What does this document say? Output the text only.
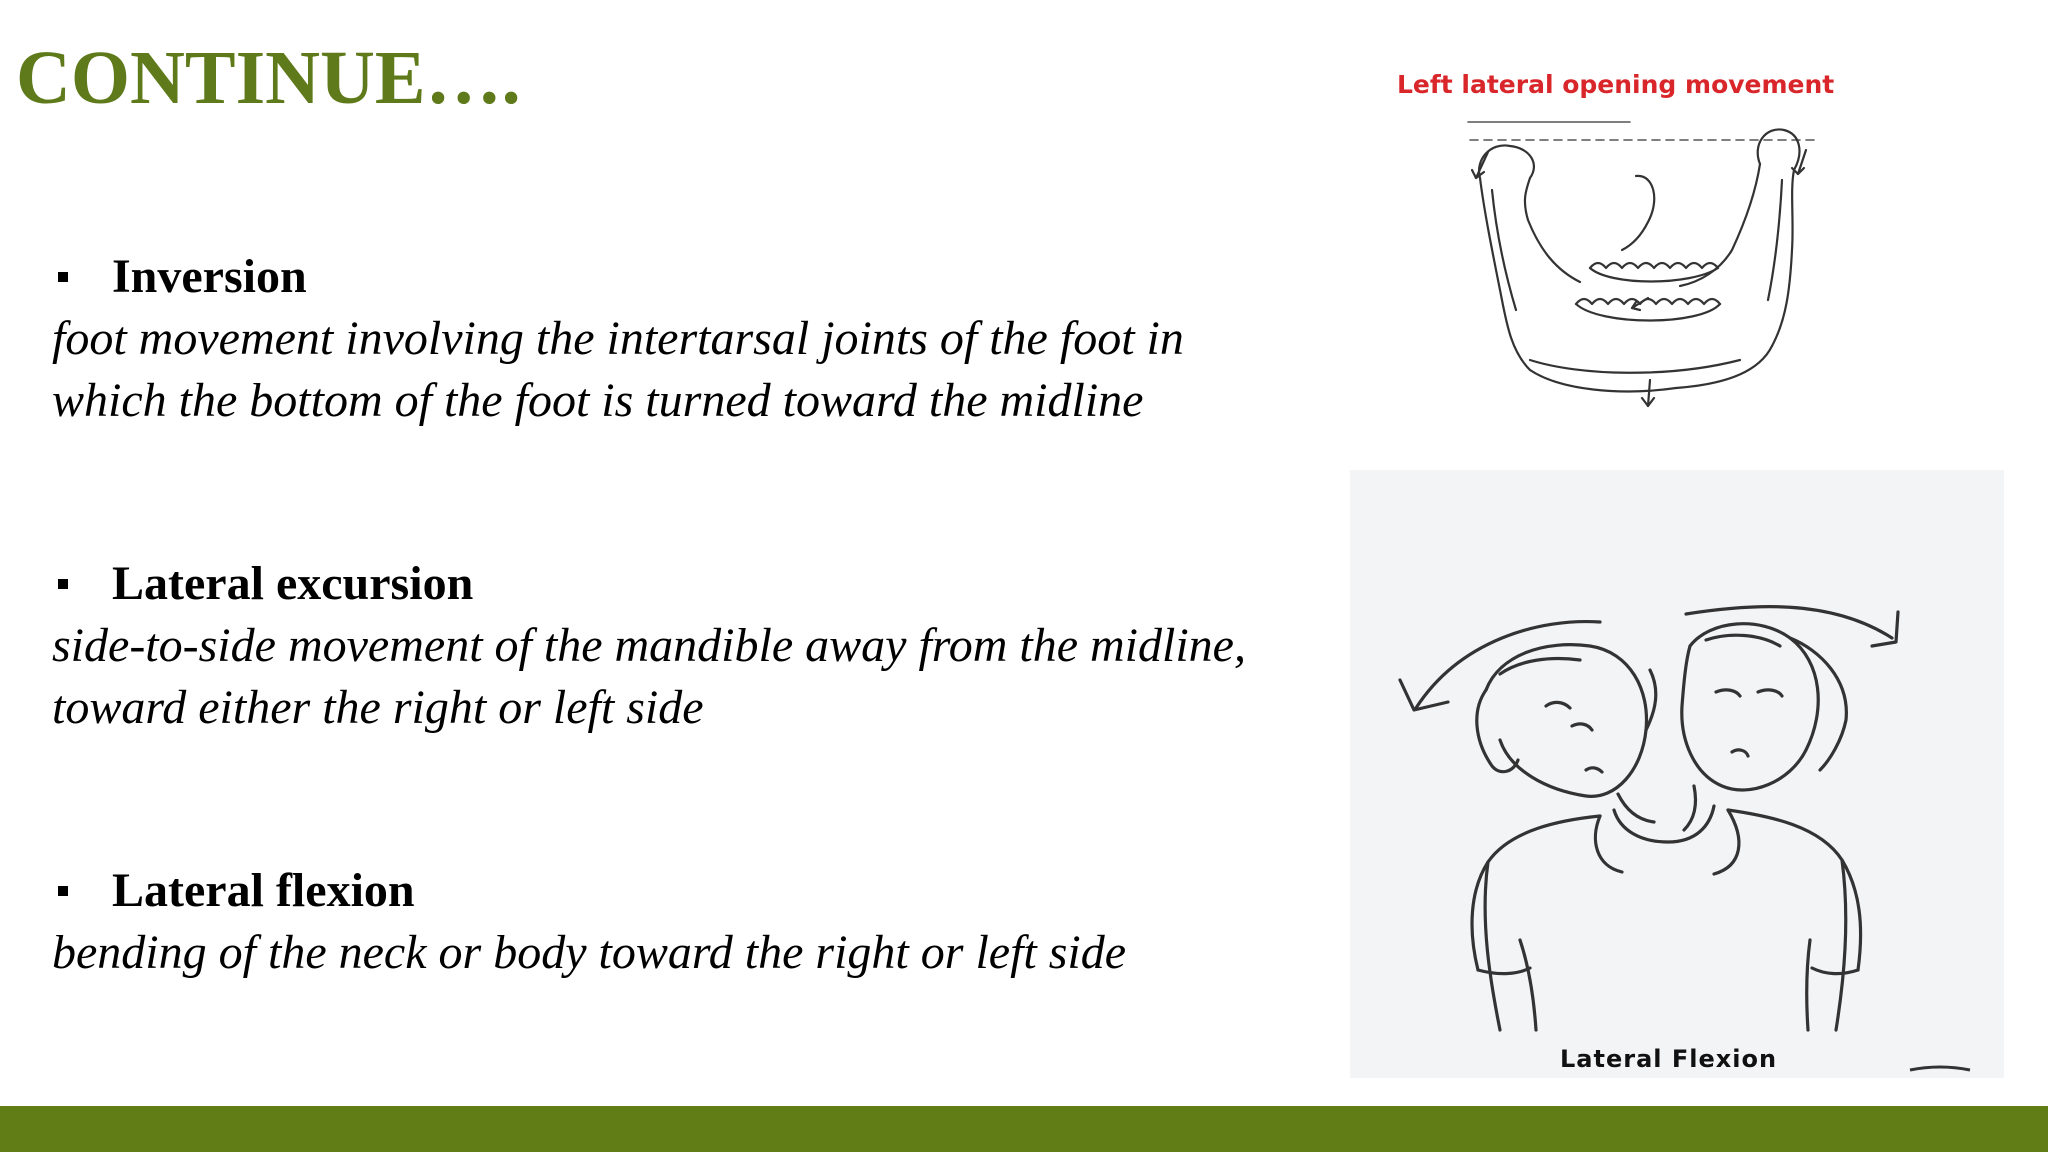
CONTINUE….
Inversion
foot movement involving the intertarsal joints of the foot in
which the bottom of the foot is turned toward the midline
Lateral excursion
side-to-side movement of the mandible away from the midline,
toward either the right or left side
Lateral flexion
bending of the neck or body toward the right or left side
Left lateral opening movement
Lateral Flexion
